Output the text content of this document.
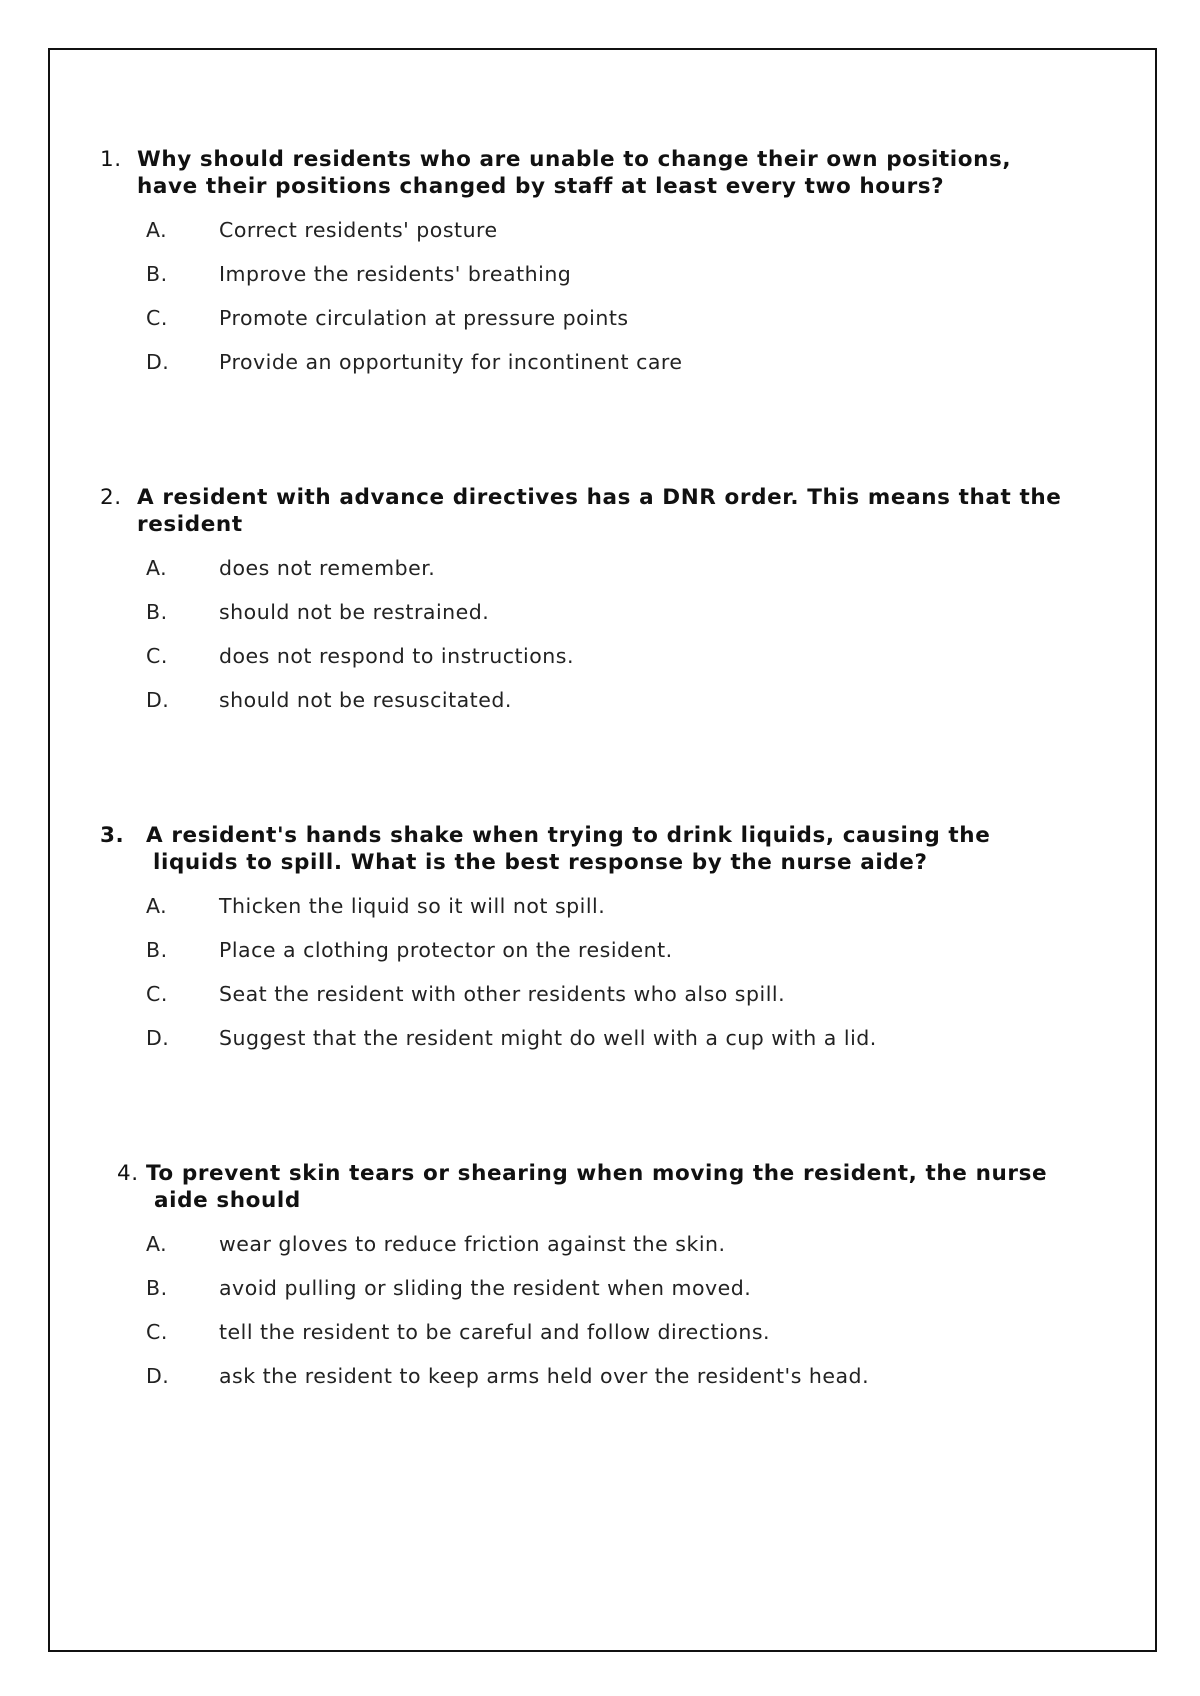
1. Why should residents who are unable to change their own positions,
have their positions changed by staff at least every two hours?
A.	Correct residents' posture
B.	Improve the residents' breathing
C. Promote circulation at pressure points
D. Provide an opportunity for incontinent care
2. A resident with advance directives has a DNR order. This means that the
resident
A.	does not remember.
B.	should not be restrained.
C. does not respond to instructions.
D. should not be resuscitated.
3. A resident's hands shake when trying to drink liquids, causing the
liquids to spill. What is the best response by the nurse aide?
A.	Thicken the liquid so it will not spill.
B.	Place a clothing protector on the resident.
C. Seat the resident with other residents who also spill.
D. Suggest that the resident might do well with a cup with a lid.
4. To prevent skin tears or shearing when moving the resident, the nurse
aide should
A.	wear gloves to reduce friction against the skin.
B.	avoid pulling or sliding the resident when moved.
C. tell the resident to be careful and follow directions.
D. ask the resident to keep arms held over the resident's head.
